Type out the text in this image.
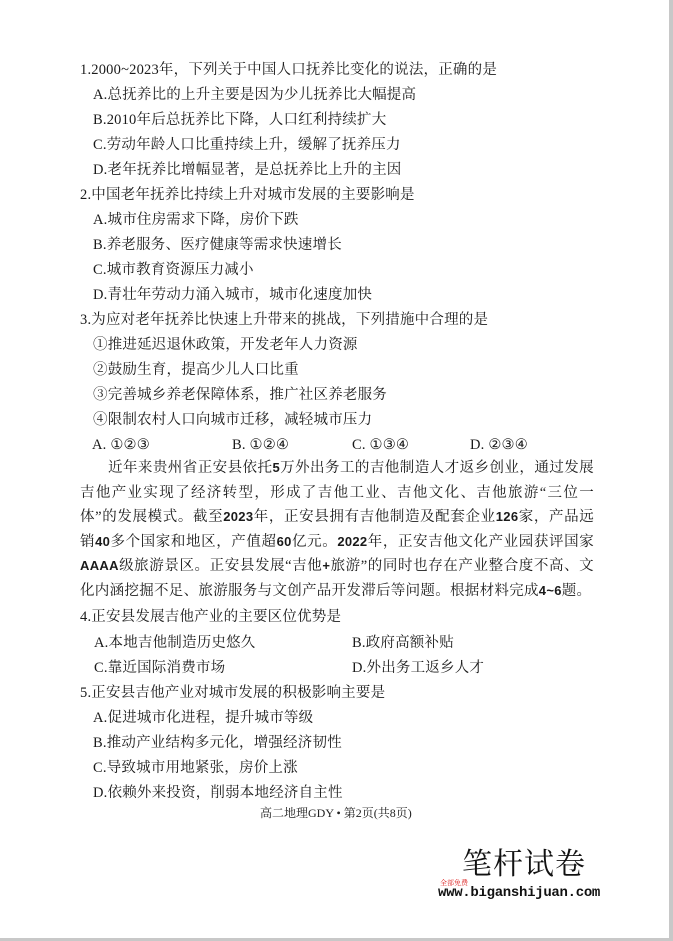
1.2000~2023年，下列关于中国人口抚养比变化的说法，正确的是
A.总抚养比的上升主要是因为少儿抚养比大幅提高
B.2010年后总抚养比下降，人口红利持续扩大
C.劳动年龄人口比重持续上升，缓解了抚养压力
D.老年抚养比增幅显著，是总抚养比上升的主因
2.中国老年抚养比持续上升对城市发展的主要影响是
A.城市住房需求下降，房价下跌
B.养老服务、医疗健康等需求快速增长
C.城市教育资源压力减小
D.青壮年劳动力涌入城市，城市化速度加快
3.为应对老年抚养比快速上升带来的挑战，下列措施中合理的是
①推进延迟退休政策，开发老年人力资源
②鼓励生育，提高少儿人口比重
③完善城乡养老保障体系，推广社区养老服务
④限制农村人口向城市迁移，减轻城市压力
A. ①②③	B. ①②④	C. ①③④	D. ②③④
近年来贵州省正安县依托5万外出务工的吉他制造人才返乡创业，通过发展吉他产业实现了经济转型，形成了吉他工业、吉他文化、吉他旅游“三位一体”的发展模式。截至2023年，正安县拥有吉他制造及配套企业126家，产品远销40多个国家和地区，产值超60亿元。2022年，正安吉他文化产业园获评国家AAAA级旅游景区。正安县发展“吉他+旅游”的同时也存在产业整合度不高、文化内涵挖掘不足、旅游服务与文创产品开发滞后等问题。根据材料完成4~6题。
4.正安县发展吉他产业的主要区位优势是
A.本地吉他制造历史悠久	B.政府高额补贴
C.靠近国际消费市场	D.外出务工返乡人才
5.正安县吉他产业对城市发展的积极影响主要是
A.促进城市化进程，提升城市等级
B.推动产业结构多元化，增强经济韧性
C.导致城市用地紧张，房价上涨
D.依赖外来投资，削弱本地经济自主性
高二地理GDY • 第2页(共8页)
笔杆试卷
全部免费
www.biganshijuan.com
